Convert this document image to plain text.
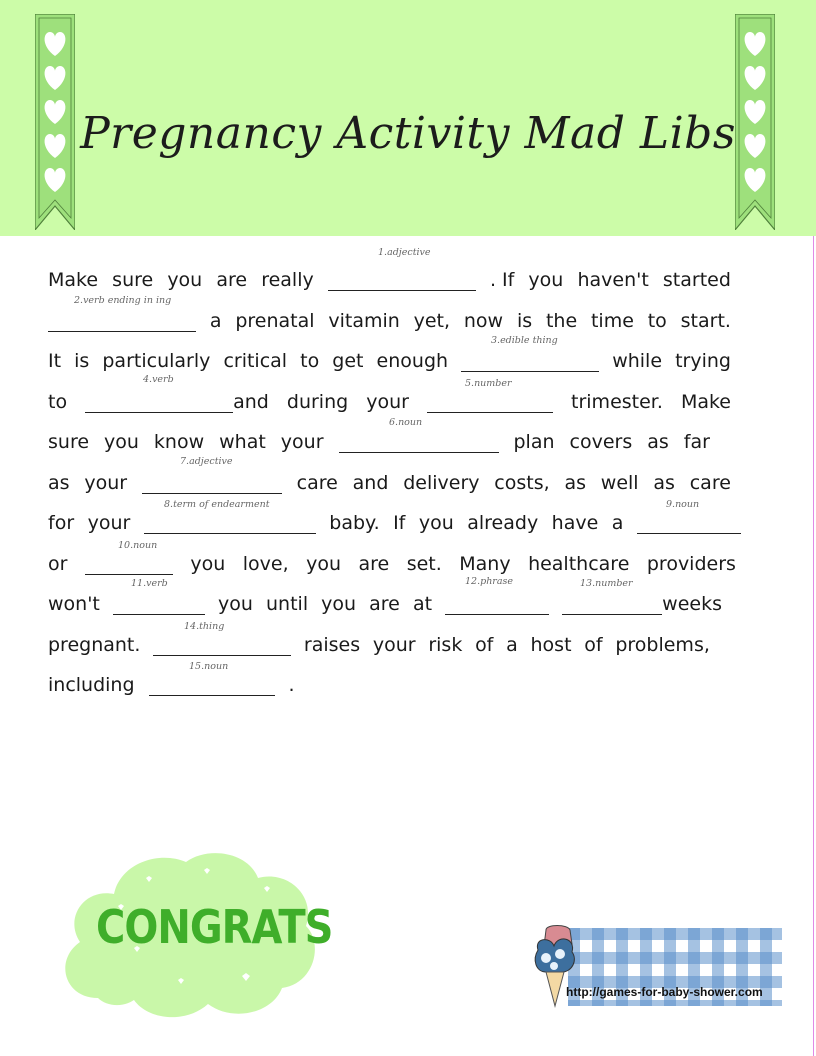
Pregnancy Activity Mad Libs
1.adjective
2.verb ending in ing
3.edible thing
4.verb	5.number
6.noun
7.adjective
8.term of endearment	9.noun
10.noun
11.verb	12.phrase	13.number
14.thing
15.noun
Make sure you are really	. If you haven't started
a prenatal vitamin yet, now is the time to start.
It is particularly critical to get enough	while trying
to	and during your	trimester. Make
sure you know what your	plan covers as far
as your	care and delivery costs, as well as care
for your	baby. If you already have a
or	you love, you are set. Many healthcare providers
won't	you until you are at	weeks
pregnant.	raises your risk of a host of problems,
including	.
CONGRATS
http://games-for-baby-shower.com
